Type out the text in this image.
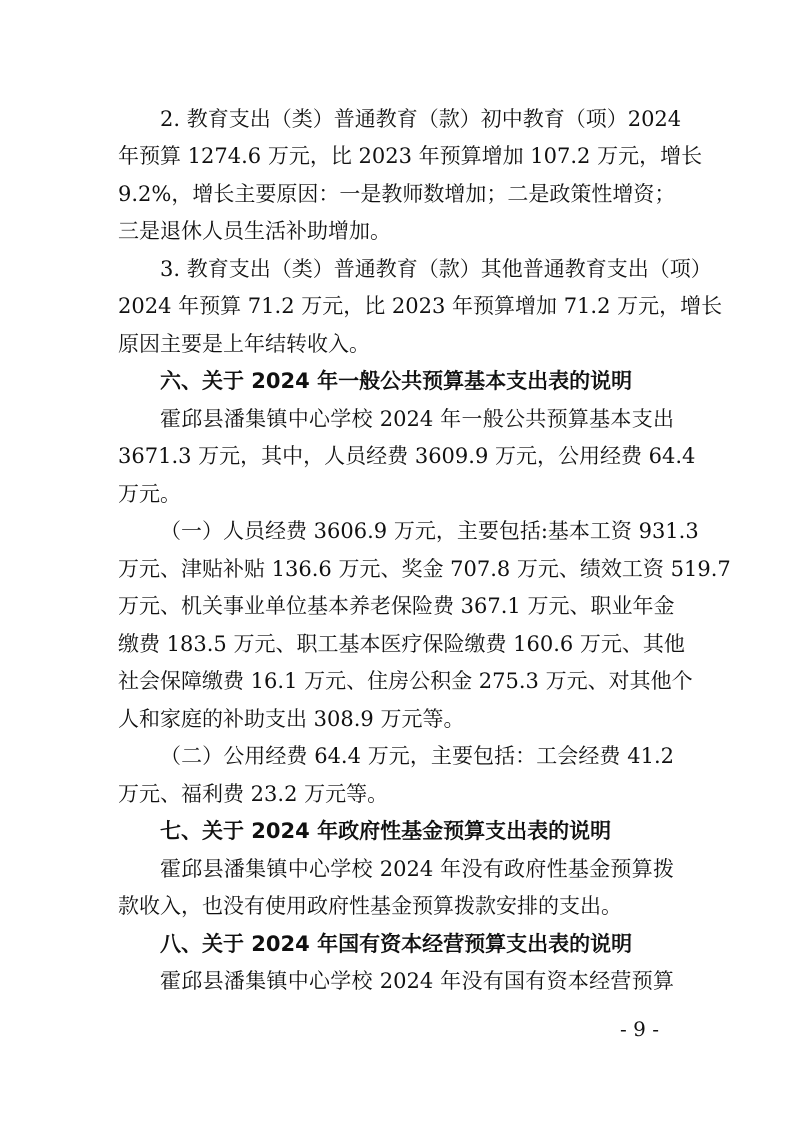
2. 教育支出（类）普通教育（款）初中教育（项）2024
年预算 1274.6 万元，比 2023 年预算增加 107.2 万元，增长
9.2%，增长主要原因：一是教师数增加；二是政策性增资；
三是退休人员生活补助增加。
3. 教育支出（类）普通教育（款）其他普通教育支出（项）
2024 年预算 71.2 万元，比 2023 年预算增加 71.2 万元，增长
原因主要是上年结转收入。
六、关于 2024 年一般公共预算基本支出表的说明
霍邱县潘集镇中心学校 2024 年一般公共预算基本支出
3671.3 万元，其中，人员经费 3609.9 万元，公用经费 64.4
万元。
（一）人员经费 3606.9 万元，主要包括:基本工资 931.3
万元、津贴补贴 136.6 万元、奖金 707.8 万元、绩效工资 519.7
万元、机关事业单位基本养老保险费 367.1 万元、职业年金
缴费 183.5 万元、职工基本医疗保险缴费 160.6 万元、其他
社会保障缴费 16.1 万元、住房公积金 275.3 万元、对其他个
人和家庭的补助支出 308.9 万元等。
（二）公用经费 64.4 万元，主要包括：工会经费 41.2
万元、福利费 23.2 万元等。
七、关于 2024 年政府性基金预算支出表的说明
霍邱县潘集镇中心学校 2024 年没有政府性基金预算拨
款收入，也没有使用政府性基金预算拨款安排的支出。
八、关于 2024 年国有资本经营预算支出表的说明
霍邱县潘集镇中心学校 2024 年没有国有资本经营预算
- 9 -
